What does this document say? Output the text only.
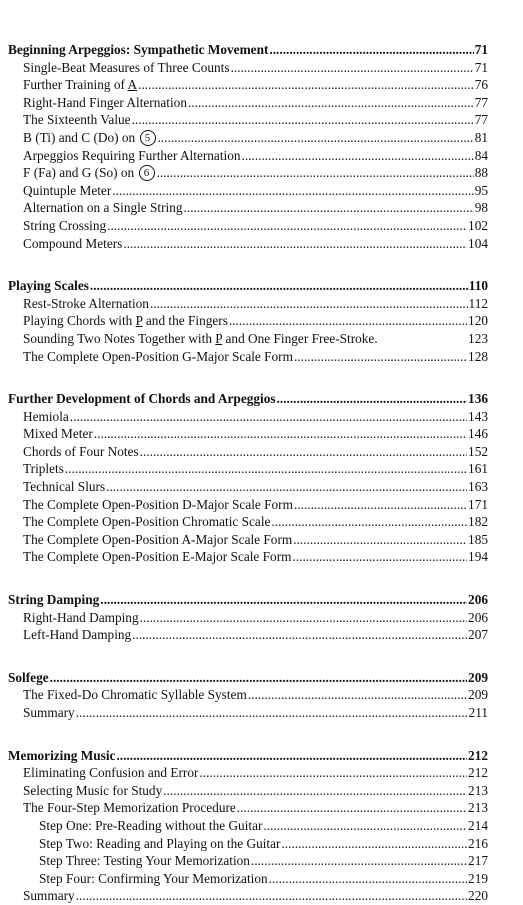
Beginning Arpeggios: Sympathetic Movement .....	71
Single-Beat Measures of Three Counts .....	71
Further Training of A .....	76
Right-Hand Finger Alternation .....	77
The Sixteenth Value .....	77
B (Ti) and C (Do) on 5 .....	81
Arpeggios Requiring Further Alternation .....	84
F (Fa) and G (So) on 6 .....	88
Quintuple Meter .....	95
Alternation on a Single String .....	98
String Crossing .....	102
Compound Meters .....	104
Playing Scales .....	110
Rest-Stroke Alternation .....	112
Playing Chords with P and the Fingers .....	120
Sounding Two Notes Together with P and One Finger Free-Stroke .	123
The Complete Open-Position G-Major Scale Form .....	128
Further Development of Chords and Arpeggios .....	136
Hemiola .....	143
Mixed Meter .....	146
Chords of Four Notes .....	152
Triplets .....	161
Technical Slurs .....	163
The Complete Open-Position D-Major Scale Form .....	171
The Complete Open-Position Chromatic Scale .....	182
The Complete Open-Position A-Major Scale Form .....	185
The Complete Open-Position E-Major Scale Form .....	194
String Damping .....	206
Right-Hand Damping .....	206
Left-Hand Damping .....	207
Solfege .....	209
The Fixed-Do Chromatic Syllable System .....	209
Summary .....	211
Memorizing Music .....	212
Eliminating Confusion and Error .....	212
Selecting Music for Study .....	213
The Four-Step Memorization Procedure .....	213
Step One: Pre-Reading without the Guitar .....	214
Step Two: Reading and Playing on the Guitar .....	216
Step Three: Testing Your Memorization .....	217
Step Four: Confirming Your Memorization .....	219
Summary .....	220
